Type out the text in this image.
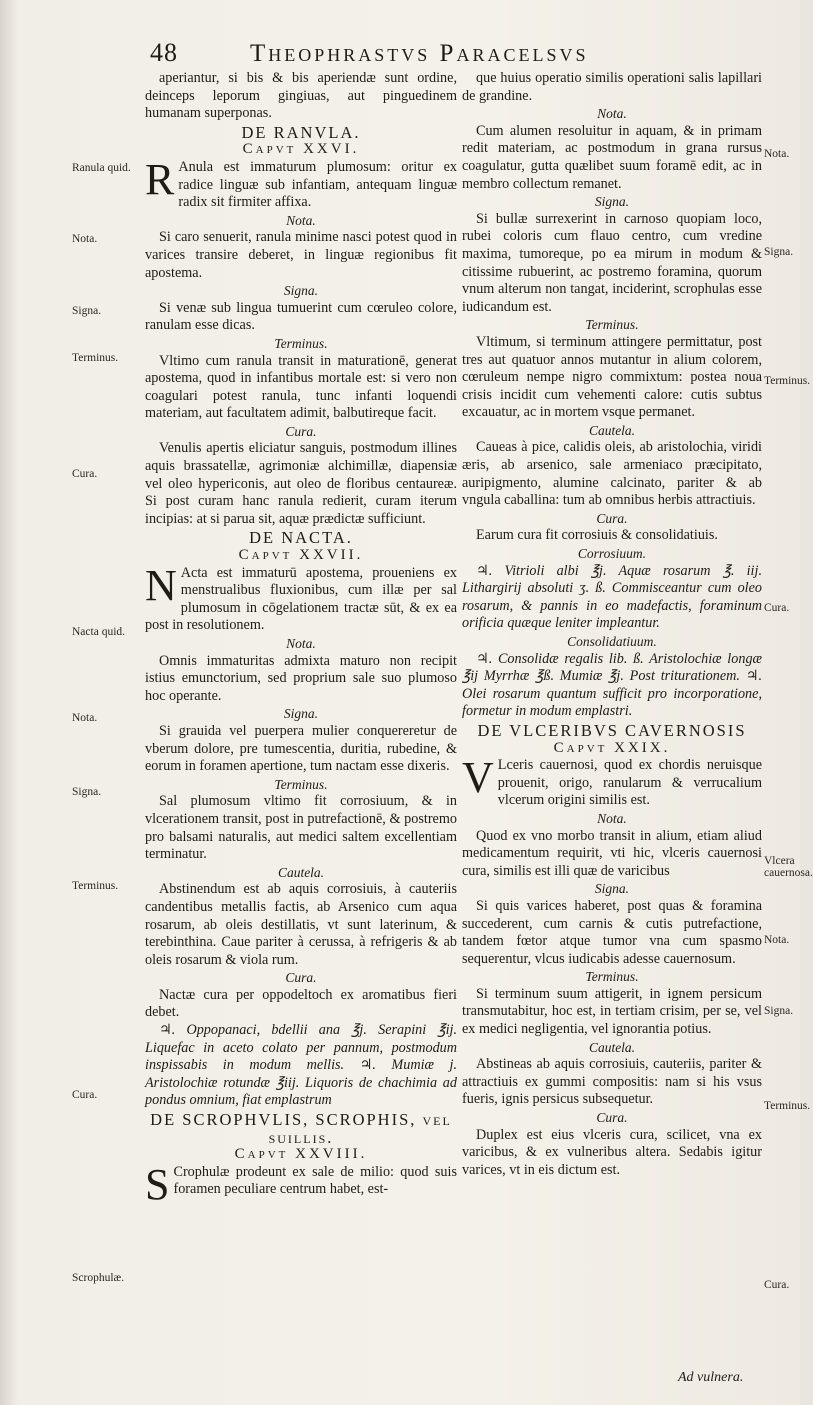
48	Theophrastvs Paracelsvs

aperiantur, si bis & bis aperiendæ sunt ordine, deinceps leporum gingiuas, aut pinguedinem humanam superponas.

DE RANVLA.
Capvt XXVI.

R Anula est immaturum plumosum: oritur ex radice linguæ sub infantiam, antequam linguæ radix sit firmiter affixa.

Nota.

Si caro senuerit, ranula minime nasci potest quod in varices transire deberet, in linguæ regionibus fit apostema.

Signa.

Si venæ sub lingua tumuerint cum cœruleo colore, ranulam esse dicas.

Terminus.

Vltimo cum ranula transit in maturationē, generat apostema, quod in infantibus mortale est: si vero non coagulari potest ranula, tunc infanti loquendi materiam, aut facultatem adimit, balbutireque facit.

Cura.

Venulis apertis eliciatur sanguis, postmodum illines aquis brassatellæ, agrimoniæ alchimillæ, diapensiæ vel oleo hypericonis, aut oleo de floribus centaureæ. Si post curam hanc ranula redierit, curam iterum incipias: at si parua sit, aquæ prædictæ sufficiunt.

DE NACTA.
Capvt XXVII.

N Acta est immaturū apostema, proueniens ex menstrualibus fluxionibus, cum illæ per sal plumosum in cōgelationem tractæ sūt, & ex ea post in resolutionem.

Nota.

Omnis immaturitas admixta maturo non recipit istius emunctorium, sed proprium sale suo plumoso hoc operante.

Signa.

Si grauida vel puerpera mulier conquereretur de vberum dolore, pre tumescentia, duritia, rubedine, & eorum in foramen apertione, tum nactam esse dixeris.

Terminus.

Sal plumosum vltimo fit corrosiuum, & in vlcerationem transit, post in putrefactionē, & postremo pro balsami naturalis, aut medici saltem excellentiam terminatur.

Cautela.

Abstinendum est ab aquis corrosiuis, à cauteriis candentibus metallis factis, ab Arsenico cum aqua rosarum, ab oleis destillatis, vt sunt laterinum, & terebinthina. Caue pariter à cerussa, à refrigeris & ab oleis rosarum & viola rum.

Cura.

Nactæ cura per oppodeltoch ex aromatibus fieri debet.

♃. Oppopanaci, bdellii ana ℥j. Serapini ℥ij. Liquefac in aceto colato per pannum, postmodum inspissabis in modum mellis. ♃. Mumiæ j. Aristolochiæ rotundæ ℥iij. Liquoris de chachimia ad pondus omnium, fiat emplastrum

DE SCROPHVLIS, SCROPHIS, vel suillis.
Capvt XXVIII.

S Crophulæ prodeunt ex sale de milio: quod suis foramen peculiare centrum habet, est-

que huius operatio similis operationi salis lapillari de grandine.

Nota.

Cum alumen resoluitur in aquam, & in primam redit materiam, ac postmodum in grana rursus coagulatur, gutta quælibet suum foramē edit, ac in membro collectum remanet.

Signa.

Si bullæ surrexerint in carnoso quopiam loco, rubei coloris cum flauo centro, cum vredine maxima, tumoreque, po ea mirum in modum & citissime rubuerint, ac postremo foramina, quorum vnum alterum non tangat, inciderint, scrophulas esse iudicandum est.

Terminus.

Vltimum, si terminum attingere permittatur, post tres aut quatuor annos mutantur in alium colorem, cœruleum nempe nigro commixtum: postea noua crisis incidit cum vehementi calore: cutis subtus excauatur, ac in mortem vsque permanet.

Cautela.

Caueas à pice, calidis oleis, ab aristolochia, viridi æris, ab arsenico, sale armeniaco præcipitato, auripigmento, alumine calcinato, pariter & ab vngula caballina: tum ab omnibus herbis attractiuis.

Cura.

Earum cura fit corrosiuis & consolidatiuis.

Corrosiuum.

♃. Vitrioli albi ℥j. Aquæ rosarum ℥. iij. Lithargirij absoluti ʒ. ß. Commisceantur cum oleo rosarum, & pannis in eo madefactis, foraminum orificia quæque leniter impleantur.

Consolidatiuum.

♃. Consolidæ regalis lib. ß. Aristolochiæ longæ ℥ij Myrrhæ ℥ß. Mumiæ ℥j. Post triturationem. ♃. Olei rosarum quantum sufficit pro incorporatione, formetur in modum emplastri.

DE VLCERIBVS CAVERNOSIS
Capvt XXIX.

V Lceris cauernosi, quod ex chordis neruisque prouenit, origo, ranularum & verrucalium vlcerum origini similis est.

Nota.

Quod ex vno morbo transit in alium, etiam aliud medicamentum requirit, vti hic, vlceris cauernosi cura, similis est illi quæ de varicibus

Signa.

Si quis varices haberet, post quas & foramina succederent, cum carnis & cutis putrefactione, tandem fœtor atque tumor vna cum spasmo sequerentur, vlcus iudicabis adesse cauernosum.

Terminus.

Si terminum suum attigerit, in ignem persicum transmutabitur, hoc est, in tertiam crisim, per se, vel ex medici negligentia, vel ignorantia potius.

Cautela.

Abstineas ab aquis corrosiuis, cauteriis, pariter & attractiuis ex gummi compositis: nam si his vsus fueris, ignis persicus subsequetur.

Cura.

Duplex est eius vlceris cura, scilicet, vna ex varicibus, & ex vulneribus altera. Sedabis igitur varices, vt in eis dictum est.

Ranula quid.
Nota.
Signa.
Terminus.
Cura.
Nacta quid.
Nota.
Signa.
Terminus.
Cura.
Scrophulæ.
Nota.
Signa.
Terminus.
Cura.
Vlcera cauernosa.
Nota.
Signa.
Terminus.
Cura.
Ad vulnera.
